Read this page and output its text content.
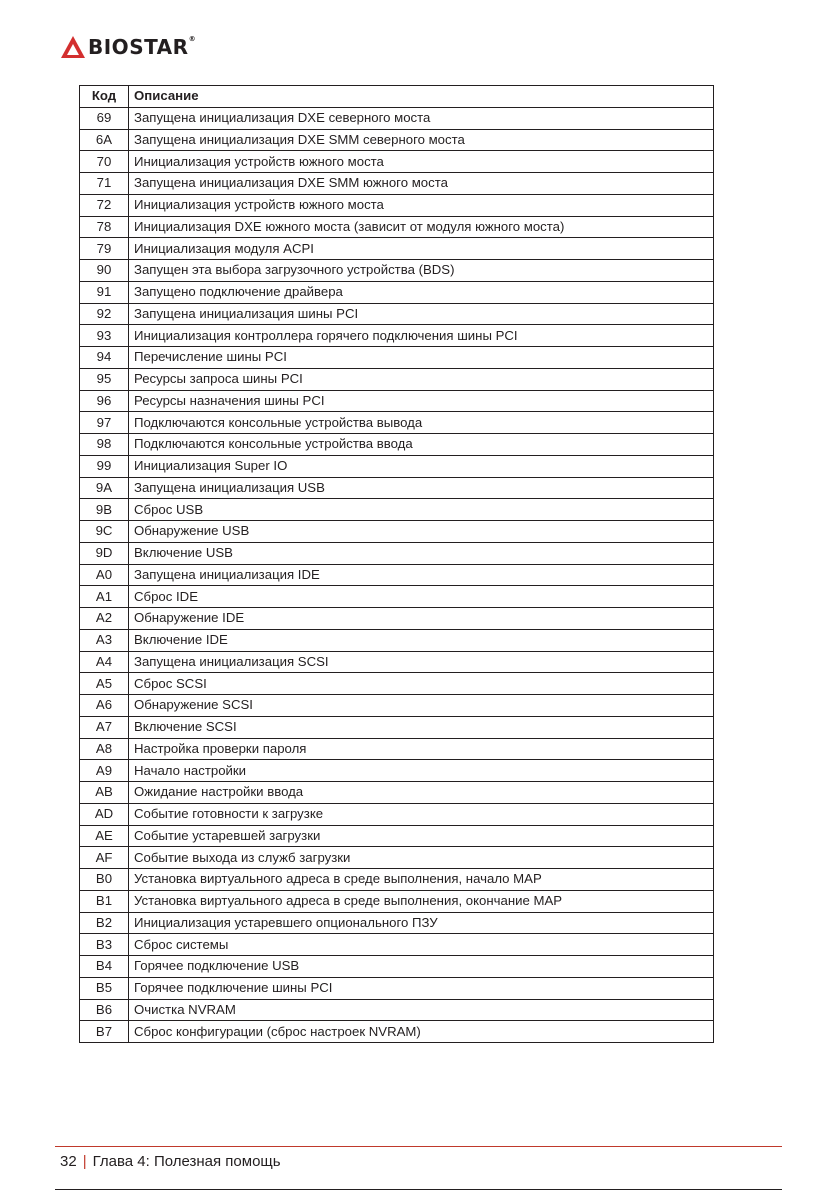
BIOSTAR®
Код	Описание
69	Запущена инициализация DXE северного моста
6A	Запущена инициализация DXE SMM северного моста
70	Инициализация устройств южного моста
71	Запущена инициализация DXE SMM южного моста
72	Инициализация устройств южного моста
78	Инициализация DXE южного моста (зависит от модуля южного моста)
79	Инициализация модуля ACPI
90	Запущен эта выбора загрузочного устройства (BDS)
91	Запущено подключение драйвера
92	Запущена инициализация шины PCI
93	Инициализация контроллера горячего подключения шины PCI
94	Перечисление шины PCI
95	Ресурсы запроса шины PCI
96	Ресурсы назначения шины PCI
97	Подключаются консольные устройства вывода
98	Подключаются консольные устройства ввода
99	Инициализация Super IO
9A	Запущена инициализация USB
9B	Сброс USB
9C	Обнаружение USB
9D	Включение USB
A0	Запущена инициализация IDE
A1	Сброс IDE
A2	Обнаружение IDE
A3	Включение IDE
A4	Запущена инициализация SCSI
A5	Сброс SCSI
A6	Обнаружение SCSI
A7	Включение SCSI
A8	Настройка проверки пароля
A9	Начало настройки
AB	Ожидание настройки ввода
AD	Событие готовности к загрузке
AE	Событие устаревшей загрузки
AF	Событие выхода из служб загрузки
B0	Установка виртуального адреса в среде выполнения, начало MAP
B1	Установка виртуального адреса в среде выполнения, окончание MAP
B2	Инициализация устаревшего опционального ПЗУ
B3	Сброс системы
B4	Горячее подключение USB
B5	Горячее подключение шины PCI
B6	Очистка NVRAM
B7	Сброс конфигурации (сброс настроек NVRAM)
32 | Глава 4: Полезная помощь
